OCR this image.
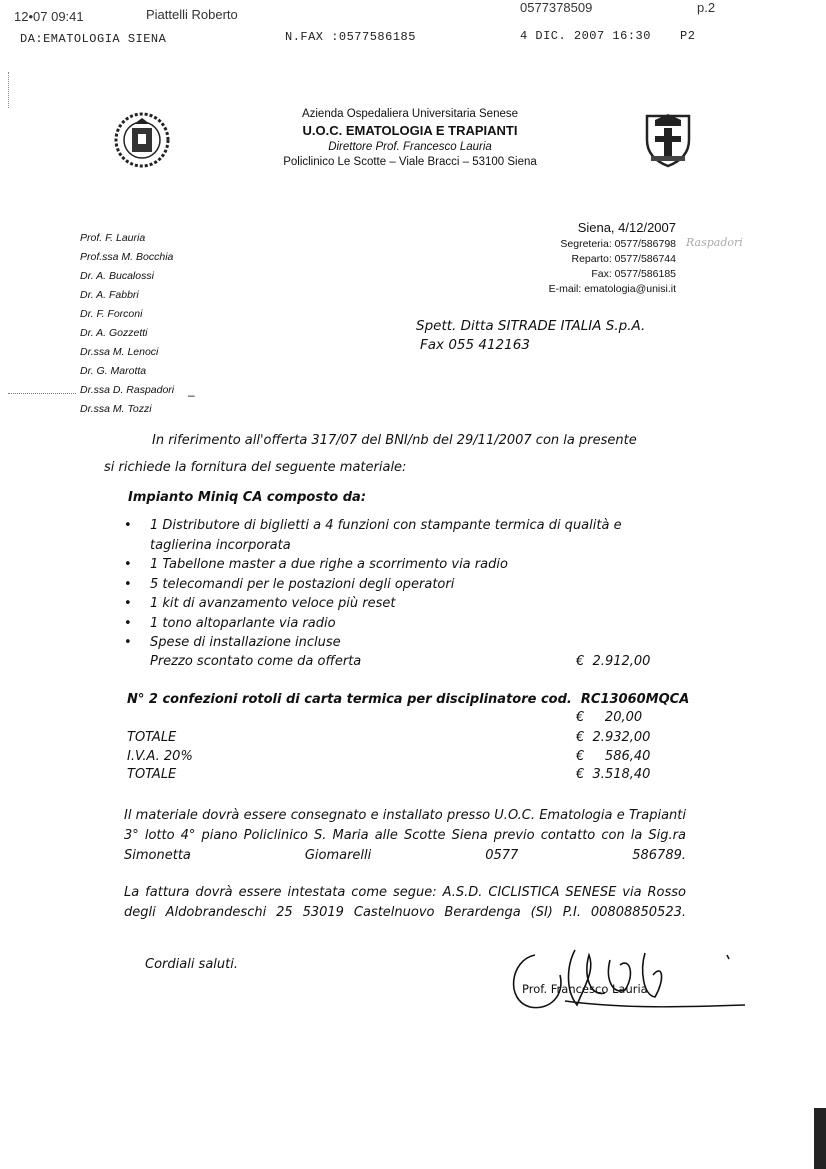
12•07 09:41	Piattelli Roberto	0577378509	p.2
DA:EMATOLOGIA SIENA	N.FAX :0577586185	4 DIC. 2007 16:30 P2
Azienda Ospedaliera Universitaria Senese
U.O.C. EMATOLOGIA E TRAPIANTI
Direttore Prof. Francesco Lauria
Policlinico Le Scotte – Viale Bracci – 53100 Siena
Prof. F. Lauria
Prof.ssa M. Bocchia
Dr. A. Bucalossi
Dr. A. Fabbri
Dr. F. Forconi
Dr. A. Gozzetti
Dr.ssa M. Lenoci
Dr. G. Marotta
Dr.ssa D. Raspadori –
Dr.ssa M. Tozzi
Siena, 4/12/2007
Segreteria: 0577/586798
Reparto: 0577/586744
Fax: 0577/586185
E-mail: ematologia@unisi.it
Raspadori
Spett. Ditta SITRADE ITALIA S.p.A.
Fax 055 412163
In riferimento all'offerta 317/07 del BNI/nb del 29/11/2007 con la presente
si richiede la fornitura del seguente materiale:
Impianto Miniq CA composto da:
• 1 Distributore di biglietti a 4 funzioni con stampante termica di qualità e taglierina incorporata
• 1 Tabellone master a due righe a scorrimento via radio
• 5 telecomandi per le postazioni degli operatori
• 1 kit di avanzamento veloce più reset
• 1 tono altoparlante via radio
• Spese di installazione incluse
Prezzo scontato come da offerta	€  2.912,00
N° 2 confezioni rotoli di carta termica per disciplinatore cod.  RC13060MQCA
€     20,00
TOTALE	€  2.932,00
I.V.A. 20%	€     586,40
TOTALE	€  3.518,40
Il materiale dovrà essere consegnato e installato presso U.O.C. Ematologia e Trapianti 3° lotto 4° piano Policlinico S. Maria alle Scotte Siena previo contatto con la Sig.ra Simonetta Giomarelli 0577 586789.
La fattura dovrà essere intestata come segue: A.S.D. CICLISTICA SENESE via Rosso degli Aldobrandeschi 25 53019 Castelnuovo Berardenga (SI) P.I. 00808850523.
Cordiali saluti.
Prof. Francesco Lauria
